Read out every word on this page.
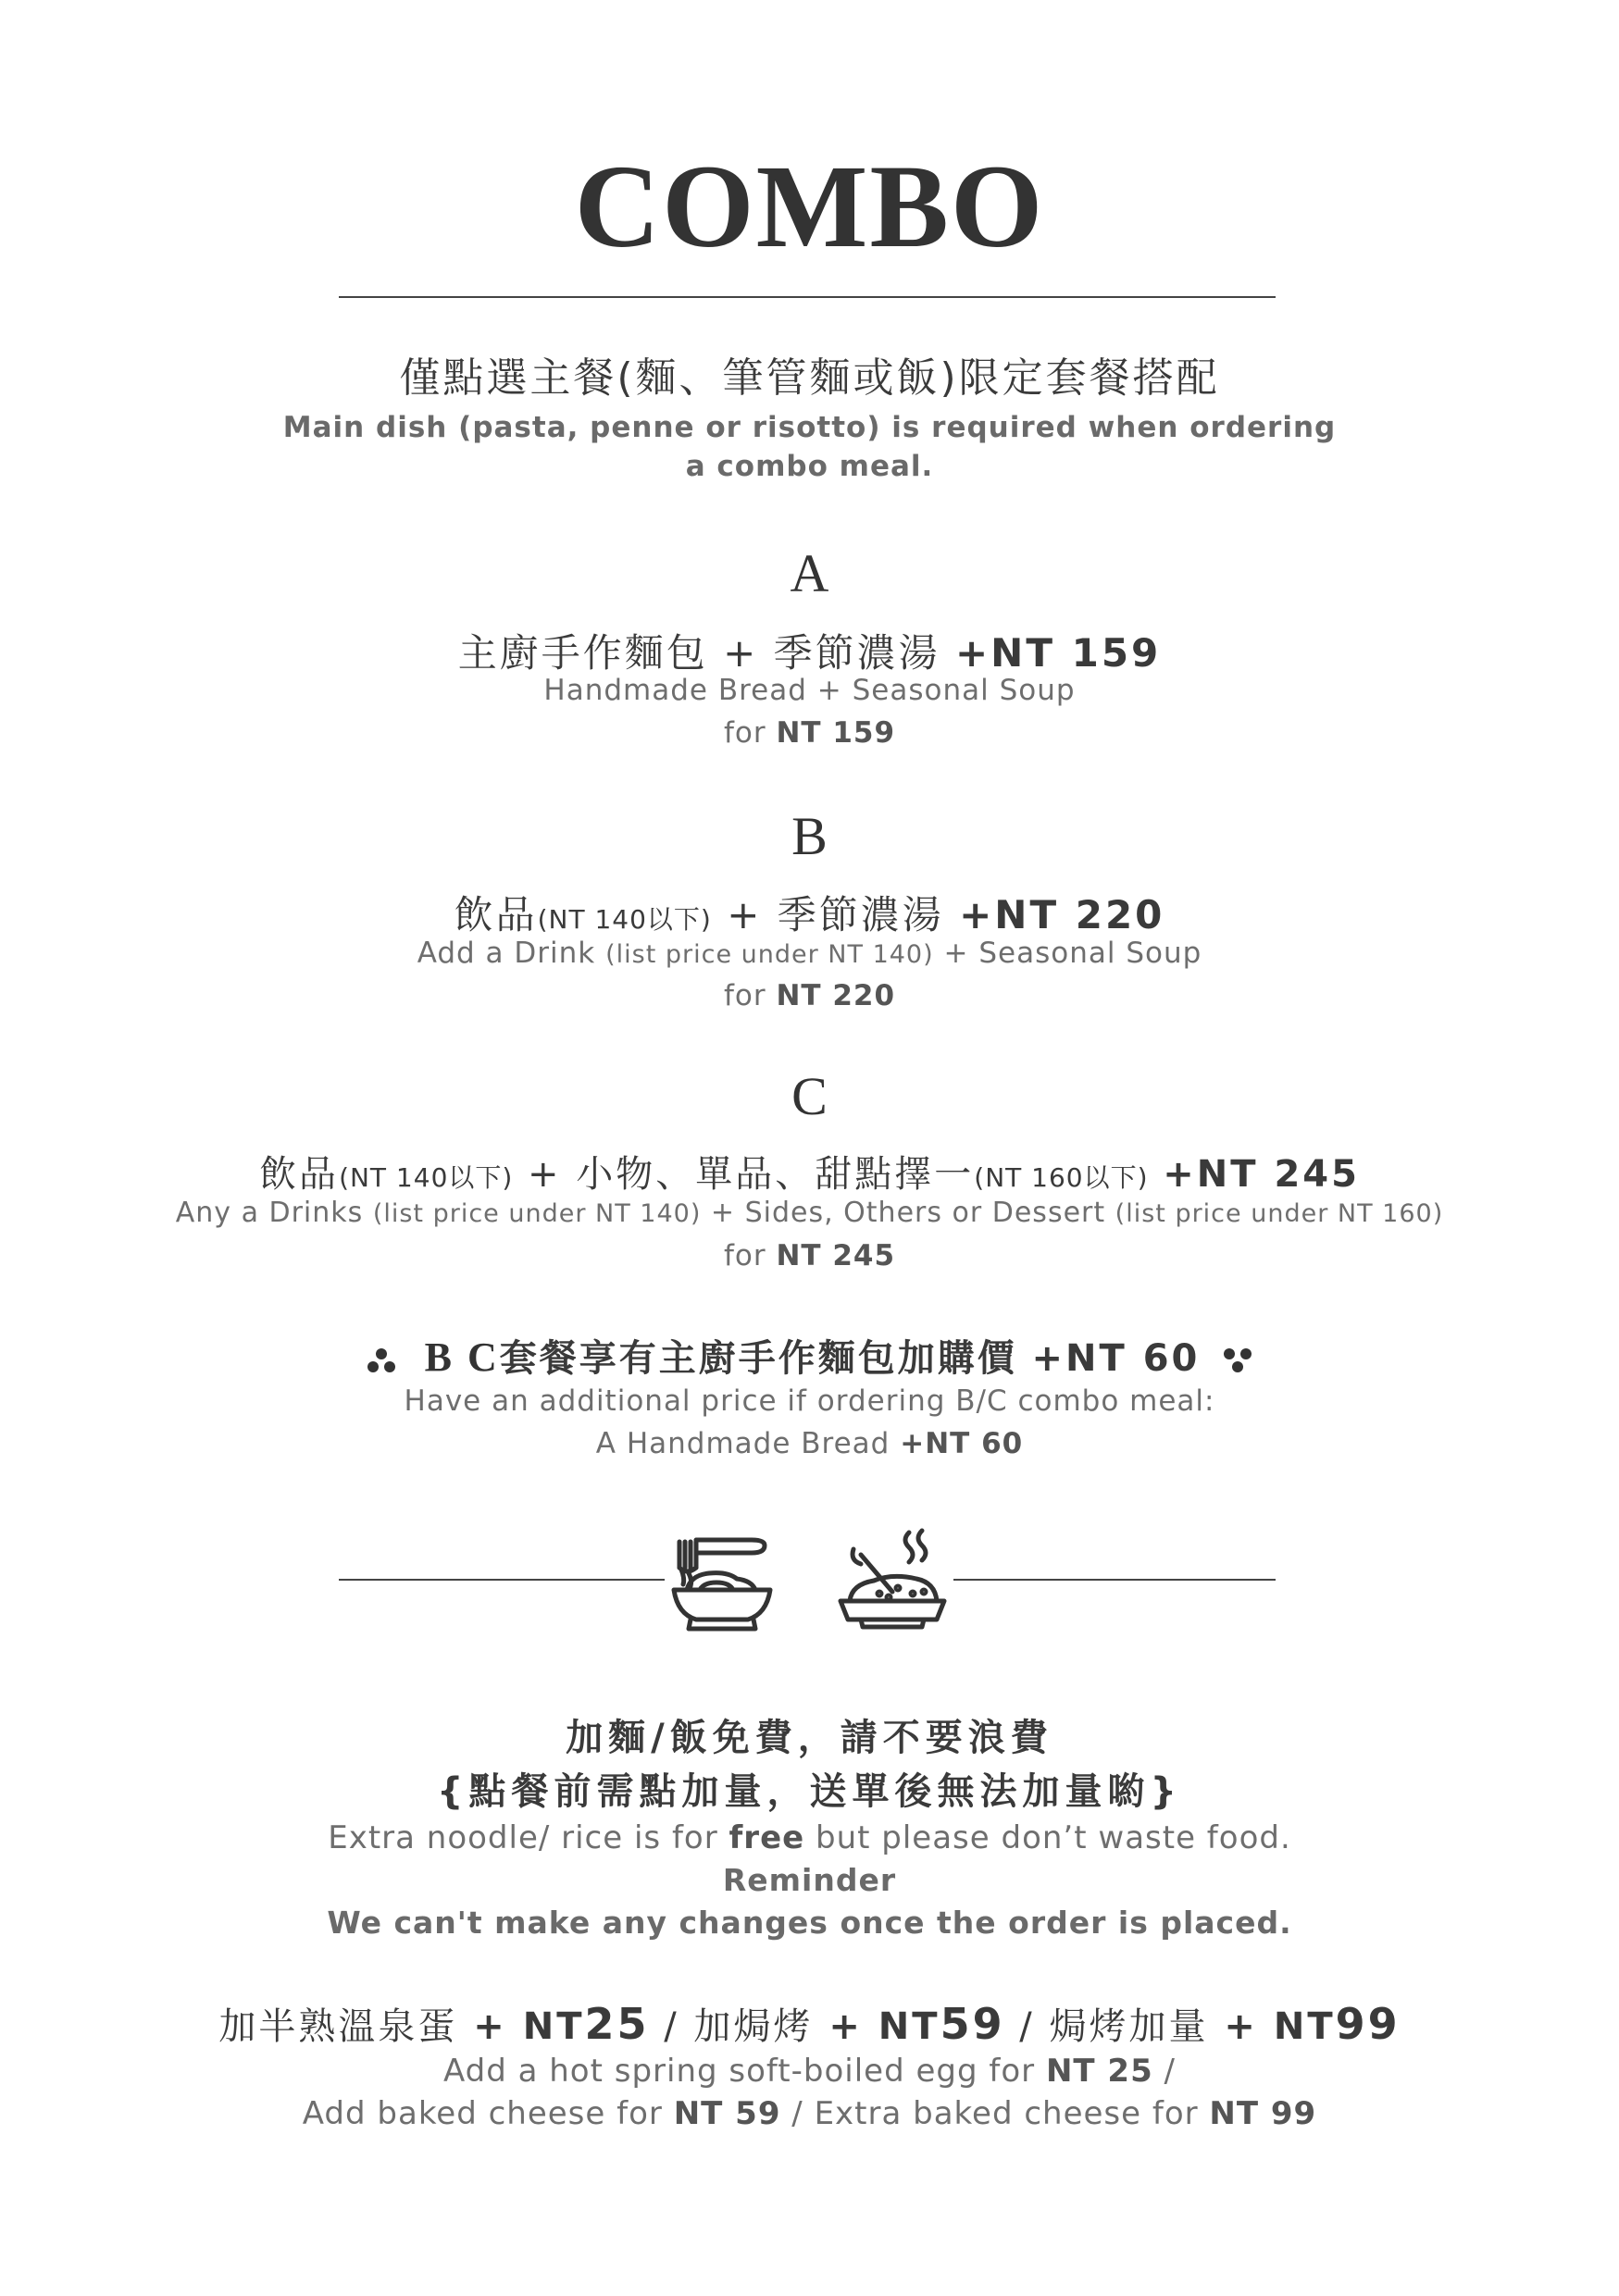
COMBO
僅點選主餐(麵、筆管麵或飯)限定套餐搭配
Main dish (pasta, penne or risotto) is required when ordering
a combo meal.
A
主廚手作麵包 + 季節濃湯 +NT 159
Handmade Bread + Seasonal Soup
for NT 159
B
飲品(NT 140以下) + 季節濃湯 +NT 220
Add a Drink (list price under NT 140) + Seasonal Soup
for NT 220
C
飲品(NT 140以下) + 小物、單品、甜點擇一(NT 160以下) +NT 245
Any a Drinks (list price under NT 140) + Sides, Others or Dessert (list price under NT 160)
for NT 245
B C套餐享有主廚手作麵包加購價 +NT 60
Have an additional price if ordering B/C combo meal:
A Handmade Bread +NT 60
加麵/飯免費，請不要浪費
{點餐前需點加量，送單後無法加量喲}
Extra noodle/ rice is for free but please don’t waste food.
Reminder
We can't make any changes once the order is placed.
加半熟溫泉蛋 + NT25 / 加焗烤 + NT59 / 焗烤加量 + NT99
Add a hot spring soft-boiled egg for NT 25 /
Add baked cheese for NT 59 / Extra baked cheese for NT 99
